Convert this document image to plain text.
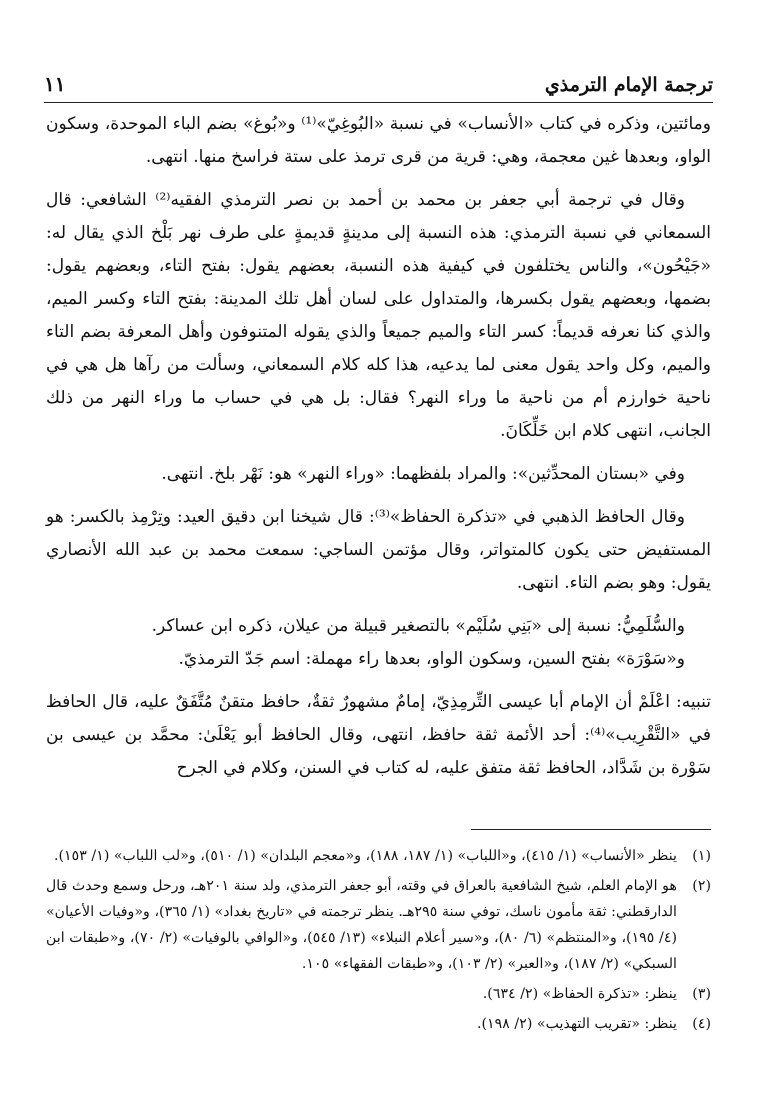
ترجمة الإمام الترمذي
١١

ومائتين، وذكره في كتاب «الأنساب» في نسبة «البُوغِيّ»⁽¹⁾ و«بُوغ» بضم الباء الموحدة، وسكون الواو، وبعدها غين معجمة، وهي: قرية من قرى ترمذ على ستة فراسخ منها. انتهى.

وقال في ترجمة أبي جعفر بن محمد بن أحمد بن نصر الترمذي الفقيه⁽²⁾ الشافعي: قال السمعاني في نسبة الترمذي: هذه النسبة إلى مدينةٍ قديمةٍ على طرف نهر بَلْخ الذي يقال له: «جَيْحُون»، والناس يختلفون في كيفية هذه النسبة، بعضهم يقول: بفتح التاء، وبعضهم يقول: بضمها، وبعضهم يقول بكسرها، والمتداول على لسان أهل تلك المدينة: بفتح التاء وكسر الميم، والذي كنا نعرفه قديماً: كسر التاء والميم جميعاً والذي يقوله المتنوفون وأهل المعرفة بضم التاء والميم، وكل واحد يقول معنى لما يدعيه، هذا كله كلام السمعاني، وسألت من رآها هل هي في ناحية خوارزم أم من ناحية ما وراء النهر؟ فقال: بل هي في حساب ما وراء النهر من ذلك الجانب، انتهى كلام ابن خَلِّكَانَ.

وفي «بستان المحدِّثين»: والمراد بلفظهما: «وراء النهر» هو: نَهْر بلخ. انتهى.

وقال الحافظ الذهبي في «تذكرة الحفاظ»⁽³⁾: قال شيخنا ابن دقيق العيد: وتِرْمِذ بالكسر: هو المستفيض حتى يكون كالمتواتر، وقال مؤتمن الساجي: سمعت محمد بن عبد الله الأنصاري يقول: وهو بضم التاء. انتهى.

والسُّلَمِيُّ: نسبة إلى «بَنِي سُلَيْم» بالتصغير قبيلة من عيلان، ذكره ابن عساكر.

و«سَوْرَة» بفتح السين، وسكون الواو، بعدها راء مهملة: اسم جَدّ الترمذيّ.

تنبيه: اعْلَمْ أن الإمام أبا عيسى التِّرمِذِيّ، إمامٌ مشهورٌ ثقةٌ، حافظ متقنٌ مُتَّفَقٌ عليه، قال الحافظ في «التَّقْرِيب»⁽⁴⁾: أحد الأئمة ثقة حافظ، انتهى، وقال الحافظ أبو يَعْلَىٰ: محمَّد بن عيسى بن سَوْرة بن شَدَّاد، الحافظ ثقة متفق عليه، له كتاب في السنن، وكلام في الجرح

(١)
ينظر «الأنساب» (١/ ٤١٥)، و«اللباب» (١/ ١٨٧، ١٨٨)، و«معجم البلدان» (١/ ٥١٠)، و«لب اللباب» (١/ ١٥٣).
(٢)
هو الإمام العلم، شيخ الشافعية بالعراق في وقته، أبو جعفر الترمذي، ولد سنة ٢٠١هـ، ورحل وسمع وحدث قال الدارقطني: ثقة مأمون ناسك، توفي سنة ٢٩٥هـ. ينظر ترجمته في «تاريخ بغداد» (١/ ٣٦٥)، و«وفيات الأعيان» (٤/ ١٩٥)، و«المنتظم» (٦/ ٨٠)، و«سير أعلام النبلاء» (١٣/ ٥٤٥)، و«الوافي بالوفيات» (٢/ ٧٠)، و«طبقات ابن السبكي» (٢/ ١٨٧)، و«العبر» (٢/ ١٠٣)، و«طبقات الفقهاء» ١٠٥.
(٣)
ينظر: «تذكرة الحفاظ» (٢/ ٦٣٤).
(٤)
ينظر: «تقريب التهذيب» (٢/ ١٩٨).
